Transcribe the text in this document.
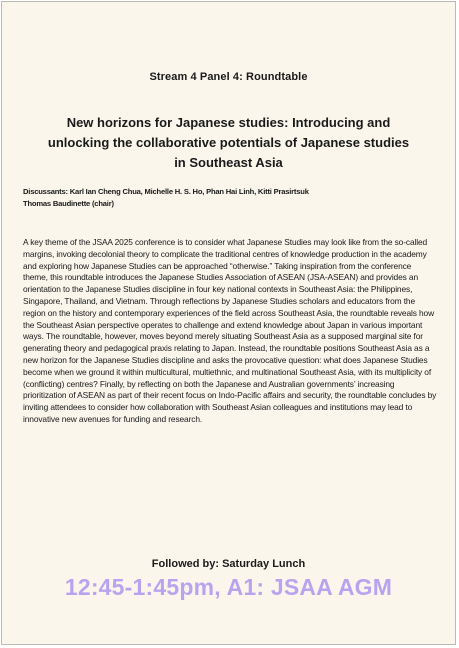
Stream 4 Panel 4: Roundtable
New horizons for Japanese studies: Introducing and unlocking the collaborative potentials of Japanese studies in Southeast Asia
Discussants: Karl Ian Cheng Chua, Michelle H. S. Ho, Phan Hai Linh, Kitti Prasirtsuk
Thomas Baudinette (chair)
A key theme of the JSAA 2025 conference is to consider what Japanese Studies may look like from the so-called margins, invoking decolonial theory to complicate the traditional centres of knowledge production in the academy and exploring how Japanese Studies can be approached “otherwise.” Taking inspiration from the conference theme, this roundtable introduces the Japanese Studies Association of ASEAN (JSA-ASEAN) and provides an orientation to the Japanese Studies discipline in four key national contexts in Southeast Asia: the Philippines, Singapore, Thailand, and Vietnam. Through reflections by Japanese Studies scholars and educators from the region on the history and contemporary experiences of the field across Southeast Asia, the roundtable reveals how the Southeast Asian perspective operates to challenge and extend knowledge about Japan in various important ways. The roundtable, however, moves beyond merely situating Southeast Asia as a supposed marginal site for generating theory and pedagogical praxis relating to Japan. Instead, the roundtable positions Southeast Asia as a new horizon for the Japanese Studies discipline and asks the provocative question: what does Japanese Studies become when we ground it within multicultural, multiethnic, and multinational Southeast Asia, with its multiplicity of (conflicting) centres? Finally, by reflecting on both the Japanese and Australian governments’ increasing prioritization of ASEAN as part of their recent focus on Indo-Pacific affairs and security, the roundtable concludes by inviting attendees to consider how collaboration with Southeast Asian colleagues and institutions may lead to innovative new avenues for funding and research.
Followed by: Saturday Lunch
12:45-1:45pm, A1: JSAA AGM
